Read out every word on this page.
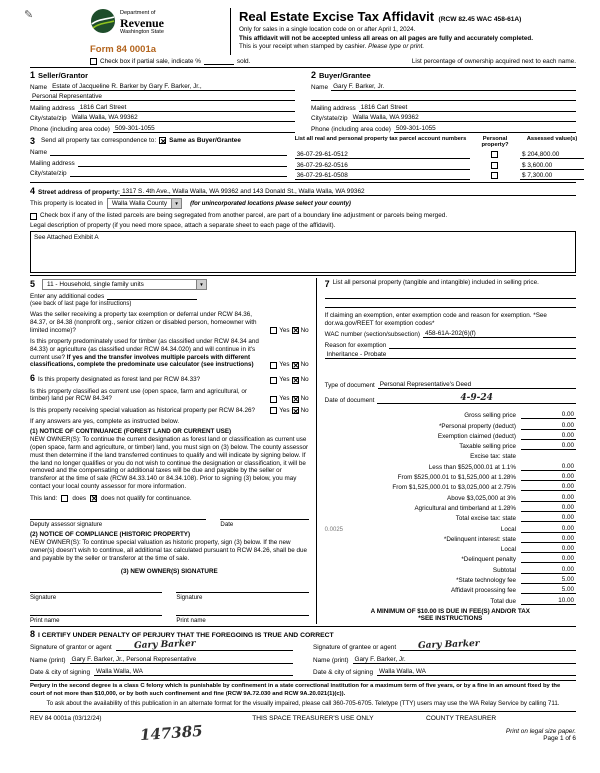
✎	Department of
Revenue
Washington State
Form 84 0001a
Real Estate Excise Tax Affidavit (RCW 82.45 WAC 458-61A)
Only for sales in a single location code on or after April 1, 2024.
This affidavit will not be accepted unless all areas on all pages are fully and accurately completed.
This is your receipt when stamped by cashier. Please type or print.
Check box if partial sale, indicate %	sold.	List percentage of ownership acquired next to each name.
1 Seller/Grantor
Name Estate of Jacqueline R. Barker by Gary F. Barker, Jr.,
Personal Representative
Mailing address 1816 Carl Street
City/state/zip Walla Walla, WA 99362
Phone (including area code) 509-301-1055
2 Buyer/Grantee
Name Gary F. Barker, Jr.
Mailing address 1816 Carl Street
City/state/zip Walla Walla, WA 99362
Phone (including area code) 509-301-1055
3 Send all property tax correspondence to: ✕ Same as Buyer/Grantee
Name
Mailing address
City/state/zip
List all real and personal property tax parcel account numbers	Personal property?
Assessed value(s)
36-07-29-61-0512	$ 204,800.00
36-07-29-62-0516	$ 3,600.00
36-07-29-61-0508	$ 7,300.00
4 Street address of property: 1317 S. 4th Ave., Walla Walla, WA 99362 and 143 Donald St., Walla Walla, WA 99362
This property is located in	Walla Walla County	▼	(for unincorporated locations please select your county)
Check box if any of the listed parcels are being segregated from another parcel, are part of a boundary line adjustment or parcels being merged.
Legal description of property (if you need more space, attach a separate sheet to each page of the affidavit).
See Attached Exhibit A
5	11 - Household, single family units	▼
Enter any additional codes
(see back of last page for instructions)
Was the seller receiving a property tax exemption or deferral under RCW 84.36, 84.37, or 84.38 (nonprofit org., senior citizen or disabled person, homeowner with limited income)?	Yes ✕ No
Is this property predominately used for timber (as classified under RCW 84.34 and 84.33) or agriculture (as classified under RCW 84.34.020) and will continue in it's current use? If yes and the transfer involves multiple parcels with different classifications, complete the predominate use calculator (see instructions)	Yes ✕ No
6 Is this property designated as forest land per RCW 84.33?	Yes ✕ No
Is this property classified as current use (open space, farm and agricultural, or timber) land per RCW 84.34?	Yes ✕ No
Is this property receiving special valuation as historical property per RCW 84.26?	Yes ✕ No
If any answers are yes, complete as instructed below.
(1) NOTICE OF CONTINUANCE (FOREST LAND OR CURRENT USE)
NEW OWNER(S): To continue the current designation as forest land or classification as current use (open space, farm and agriculture, or timber) land, you must sign on (3) below. The county assessor must then determine if the land transferred continues to qualify and will indicate by signing below. If the land no longer qualifies or you do not wish to continue the designation or classification, it will be removed and the compensating or additional taxes will be due and payable by the seller or transferor at the time of sale (RCW 84.33.140 or 84.34.108). Prior to signing (3) below, you may contact your local county assessor for more information.
This land: does ✕ does not qualify for continuance.
Deputy assessor signature	Date
(2) NOTICE OF COMPLIANCE (HISTORIC PROPERTY)
NEW OWNER(S): To continue special valuation as historic property, sign (3) below. If the new owner(s) doesn't wish to continue, all additional tax calculated pursuant to RCW 84.26, shall be due and payable by the seller or transferor at the time of sale.
(3) NEW OWNER(S) SIGNATURE
Signature	Signature
Print name	Print name
7 List all personal property (tangible and intangible) included in selling price.
If claiming an exemption, enter exemption code and reason for exemption. *See dor.wa.gov/REET for exemption codes*
WAC number (section/subsection) 458-61A-202(6)(f)
Reason for exemption
Inheritance - Probate
Type of document Personal Representative's Deed
Date of document	4-9-24
Gross selling price	0.00
*Personal property (deduct)	0.00
Exemption claimed (deduct)	0.00
Taxable selling price	0.00
Excise tax: state
Less than $525,000.01 at 1.1%	0.00
From $525,000.01 to $1,525,000 at 1.28%	0.00
From $1,525,000.01 to $3,025,000 at 2.75%	0.00
Above $3,025,000 at 3%	0.00
Agricultural and timberland at 1.28%	0.00
Total excise tax: state	0.00
0.0025	Local	0.00
*Delinquent interest: state	0.00
Local	0.00
*Delinquent penalty	0.00
Subtotal	0.00
*State technology fee	5.00
Affidavit processing fee	5.00
Total due	10.00
A MINIMUM OF $10.00 IS DUE IN FEE(S) AND/OR TAX
*SEE INSTRUCTIONS
8 I CERTIFY UNDER PENALTY OF PERJURY THAT THE FOREGOING IS TRUE AND CORRECT
Signature of grantor or agent	Gary Barker	Signature of grantee or agent	Gary Barker
Name (print) Gary F. Barker, Jr., Personal Representative	Name (print) Gary F. Barker, Jr.
Date & city of signing Walla Walla, WA	Date & city of signing Walla Walla, WA
Perjury in the second degree is a class C felony which is punishable by confinement in a state correctional institution for a maximum term of five years, or by a fine in an amount fixed by the court of not more than $10,000, or by both such confinement and fine (RCW 9A.72.030 and RCW 9A.20.021(1)(c)).
To ask about the availability of this publication in an alternate format for the visually impaired, please call 360-705-6705. Teletype (TTY) users may use the WA Relay Service by calling 711.
REV 84 0001a (03/12/24)	THIS SPACE TREASURER'S USE ONLY	COUNTY TREASURER
147385	Print on legal size paper.
Page 1 of 6
